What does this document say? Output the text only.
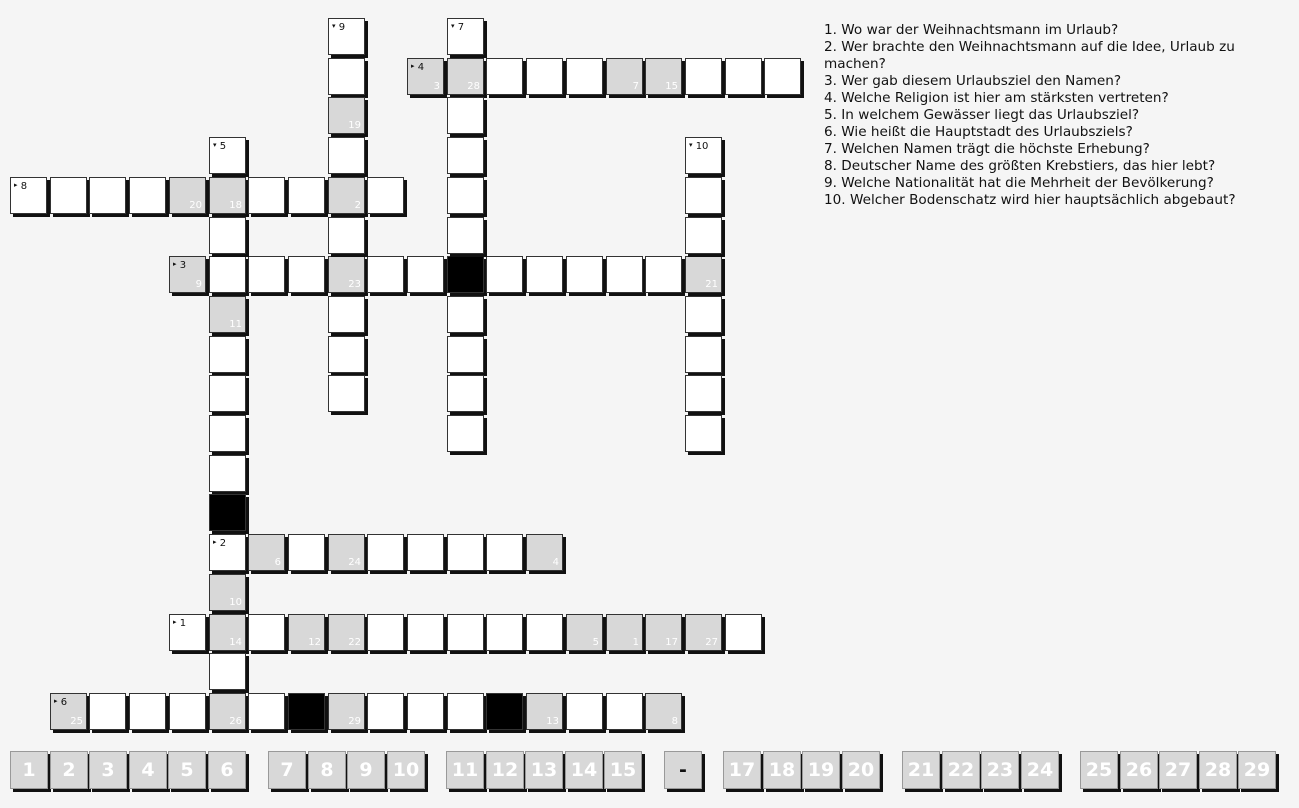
▸ 1
14	12	22	5	1	17	27
▸ 2
6	24	4
▸ 3
9	23	21
▸ 4
3	28	7	15
▾ 5
18
11
10
▸ 6
25	26	29	13	8
▾ 7
▸ 8
20	2
▾ 9
19
▾ 10
1. Wo war der Weihnachtsmann im Urlaub?
2. Wer brachte den Weihnachtsmann auf die Idee, Urlaub zu machen?
3. Wer gab diesem Urlaubsziel den Namen?
4. Welche Religion ist hier am stärksten vertreten?
5. In welchem Gewässer liegt das Urlaubsziel?
6. Wie heißt die Hauptstadt des Urlaubsziels?
7. Welchen Namen trägt die höchste Erhebung?
8. Deutscher Name des größten Krebstiers, das hier lebt?
9. Welche Nationalität hat die Mehrheit der Bevölkerung?
10. Welcher Bodenschatz wird hier hauptsächlich abgebaut?
1	2	3	4	5	6	7	8	9	10	11 12 13 14 15	-	17 18 19 20	21 22 23 24	25 26 27 28 29
